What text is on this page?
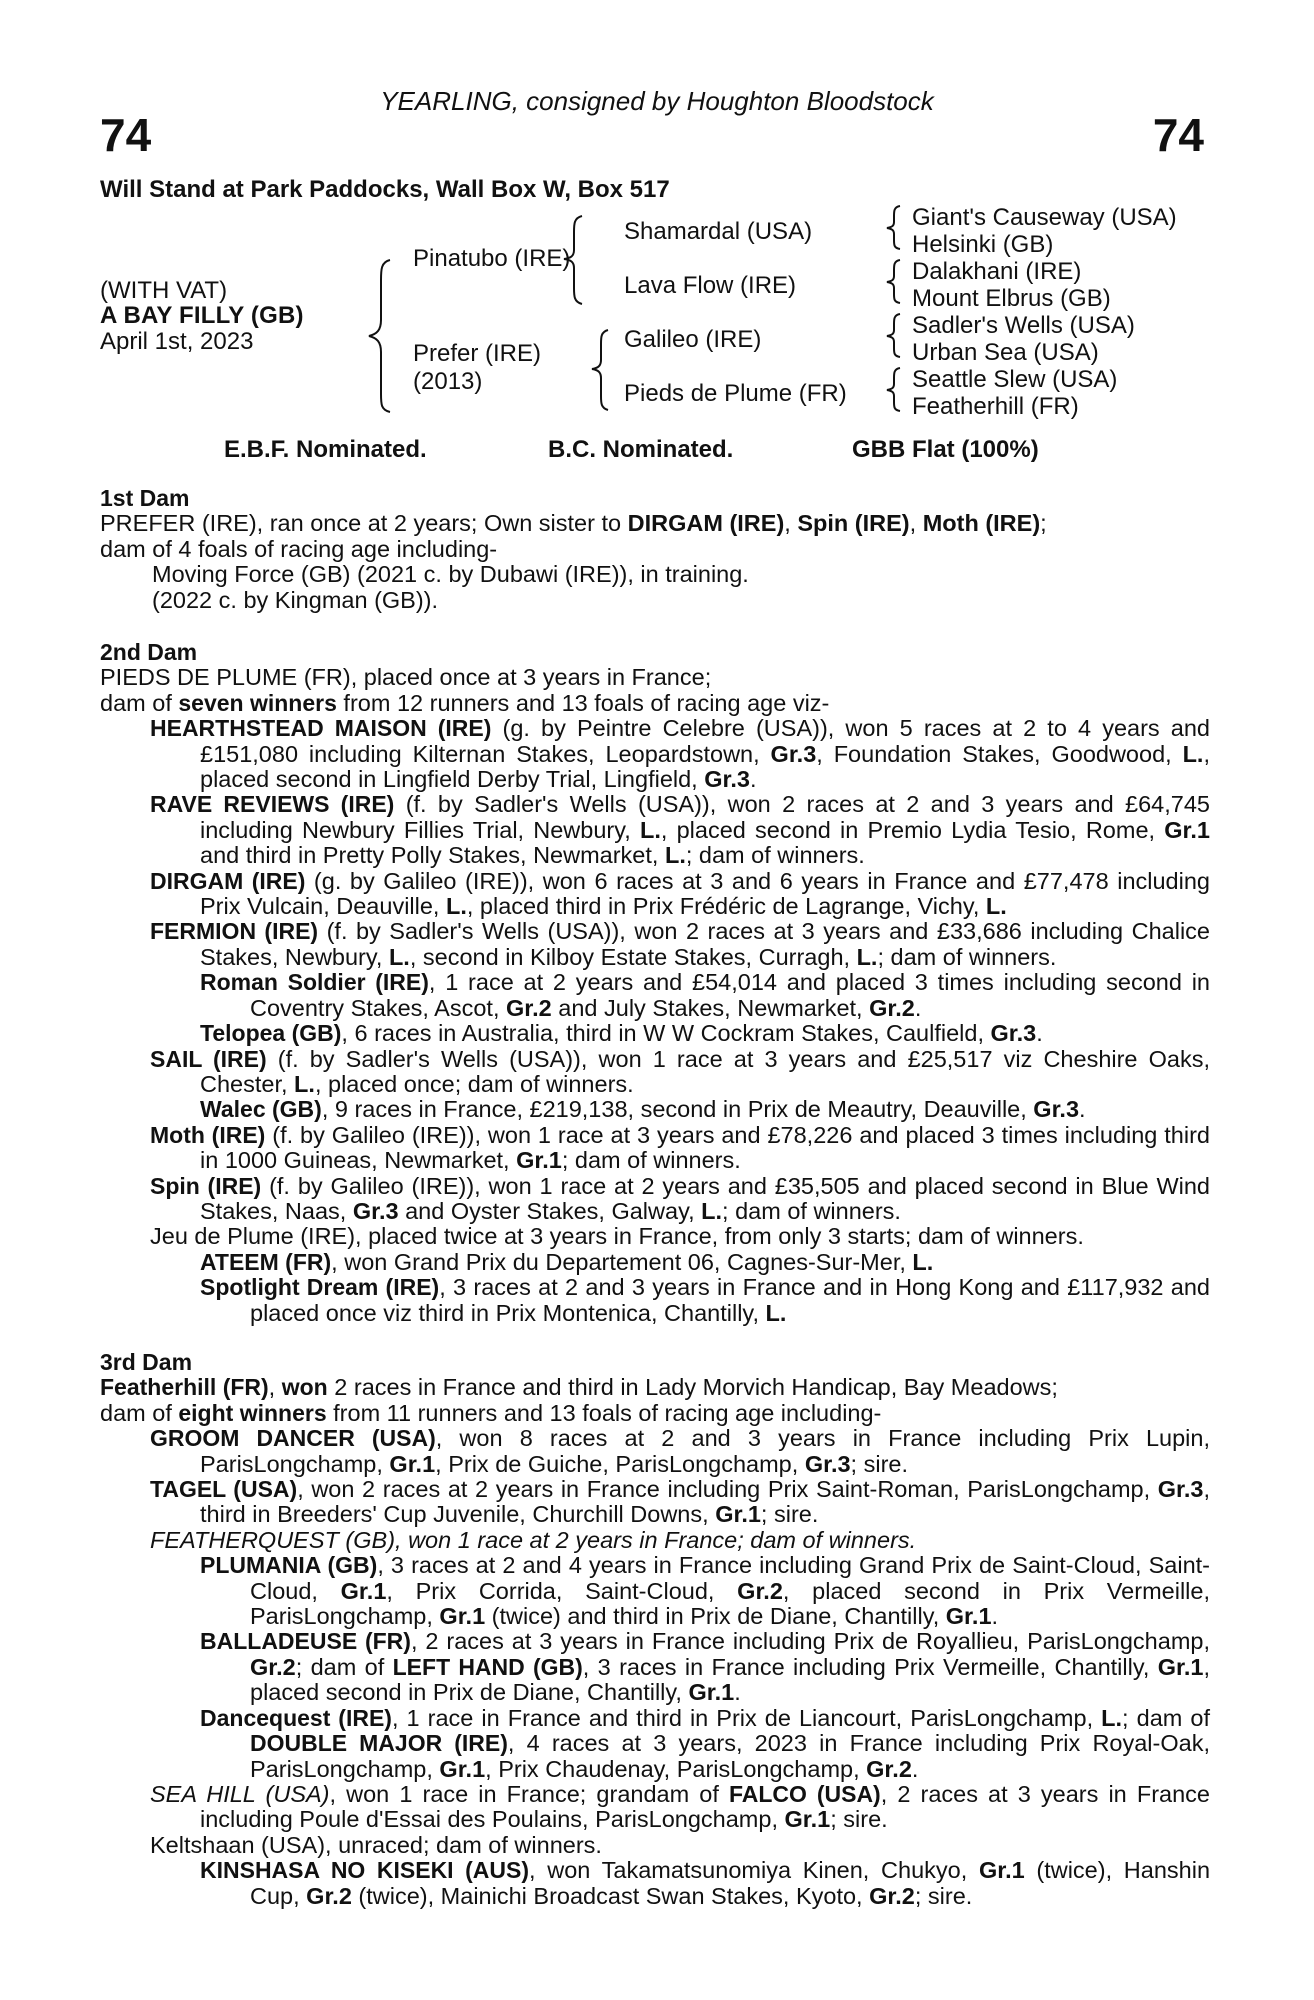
YEARLING, consigned by Houghton Bloodstock
74	74
Will Stand at Park Paddocks, Wall Box W, Box 517
(WITH VAT)
A BAY FILLY (GB)
April 1st, 2023
Pinatubo (IRE)
Prefer (IRE)
(2013)
Shamardal (USA)
Lava Flow (IRE)
Galileo (IRE)
Pieds de Plume (FR)
Giant's Causeway (USA)
Helsinki (GB)
Dalakhani (IRE)
Mount Elbrus (GB)
Sadler's Wells (USA)
Urban Sea (USA)
Seattle Slew (USA)
Featherhill (FR)
E.B.F. Nominated.	B.C. Nominated.	GBB Flat (100%)
1st Dam
PREFER (IRE), ran once at 2 years; Own sister to DIRGAM (IRE), Spin (IRE), Moth (IRE);
dam of 4 foals of racing age including-
Moving Force (GB) (2021 c. by Dubawi (IRE)), in training.
(2022 c. by Kingman (GB)).
2nd Dam
PIEDS DE PLUME (FR), placed once at 3 years in France;
dam of seven winners from 12 runners and 13 foals of racing age viz-
HEARTHSTEAD MAISON (IRE) (g. by Peintre Celebre (USA)), won 5 races at 2 to 4 years and £151,080 including Kilternan Stakes, Leopardstown, Gr.3, Foundation Stakes, Goodwood, L., placed second in Lingfield Derby Trial, Lingfield, Gr.3.
RAVE REVIEWS (IRE) (f. by Sadler's Wells (USA)), won 2 races at 2 and 3 years and £64,745 including Newbury Fillies Trial, Newbury, L., placed second in Premio Lydia Tesio, Rome, Gr.1 and third in Pretty Polly Stakes, Newmarket, L.; dam of winners.
DIRGAM (IRE) (g. by Galileo (IRE)), won 6 races at 3 and 6 years in France and £77,478 including Prix Vulcain, Deauville, L., placed third in Prix Frédéric de Lagrange, Vichy, L.
FERMION (IRE) (f. by Sadler's Wells (USA)), won 2 races at 3 years and £33,686 including Chalice Stakes, Newbury, L., second in Kilboy Estate Stakes, Curragh, L.; dam of winners.
Roman Soldier (IRE), 1 race at 2 years and £54,014 and placed 3 times including second in Coventry Stakes, Ascot, Gr.2 and July Stakes, Newmarket, Gr.2.
Telopea (GB), 6 races in Australia, third in W W Cockram Stakes, Caulfield, Gr.3.
SAIL (IRE) (f. by Sadler's Wells (USA)), won 1 race at 3 years and £25,517 viz Cheshire Oaks, Chester, L., placed once; dam of winners.
Walec (GB), 9 races in France, £219,138, second in Prix de Meautry, Deauville, Gr.3.
Moth (IRE) (f. by Galileo (IRE)), won 1 race at 3 years and £78,226 and placed 3 times including third in 1000 Guineas, Newmarket, Gr.1; dam of winners.
Spin (IRE) (f. by Galileo (IRE)), won 1 race at 2 years and £35,505 and placed second in Blue Wind Stakes, Naas, Gr.3 and Oyster Stakes, Galway, L.; dam of winners.
Jeu de Plume (IRE), placed twice at 3 years in France, from only 3 starts; dam of winners.
ATEEM (FR), won Grand Prix du Departement 06, Cagnes-Sur-Mer, L.
Spotlight Dream (IRE), 3 races at 2 and 3 years in France and in Hong Kong and £117,932 and placed once viz third in Prix Montenica, Chantilly, L.
3rd Dam
Featherhill (FR), won 2 races in France and third in Lady Morvich Handicap, Bay Meadows;
dam of eight winners from 11 runners and 13 foals of racing age including-
GROOM DANCER (USA), won 8 races at 2 and 3 years in France including Prix Lupin, ParisLongchamp, Gr.1, Prix de Guiche, ParisLongchamp, Gr.3; sire.
TAGEL (USA), won 2 races at 2 years in France including Prix Saint-Roman, ParisLongchamp, Gr.3, third in Breeders' Cup Juvenile, Churchill Downs, Gr.1; sire.
FEATHERQUEST (GB), won 1 race at 2 years in France; dam of winners.
PLUMANIA (GB), 3 races at 2 and 4 years in France including Grand Prix de Saint-Cloud, Saint-Cloud, Gr.1, Prix Corrida, Saint-Cloud, Gr.2, placed second in Prix Vermeille, ParisLongchamp, Gr.1 (twice) and third in Prix de Diane, Chantilly, Gr.1.
BALLADEUSE (FR), 2 races at 3 years in France including Prix de Royallieu, ParisLongchamp, Gr.2; dam of LEFT HAND (GB), 3 races in France including Prix Vermeille, Chantilly, Gr.1, placed second in Prix de Diane, Chantilly, Gr.1.
Dancequest (IRE), 1 race in France and third in Prix de Liancourt, ParisLongchamp, L.; dam of DOUBLE MAJOR (IRE), 4 races at 3 years, 2023 in France including Prix Royal-Oak, ParisLongchamp, Gr.1, Prix Chaudenay, ParisLongchamp, Gr.2.
SEA HILL (USA), won 1 race in France; grandam of FALCO (USA), 2 races at 3 years in France including Poule d'Essai des Poulains, ParisLongchamp, Gr.1; sire.
Keltshaan (USA), unraced; dam of winners.
KINSHASA NO KISEKI (AUS), won Takamatsunomiya Kinen, Chukyo, Gr.1 (twice), Hanshin Cup, Gr.2 (twice), Mainichi Broadcast Swan Stakes, Kyoto, Gr.2; sire.
